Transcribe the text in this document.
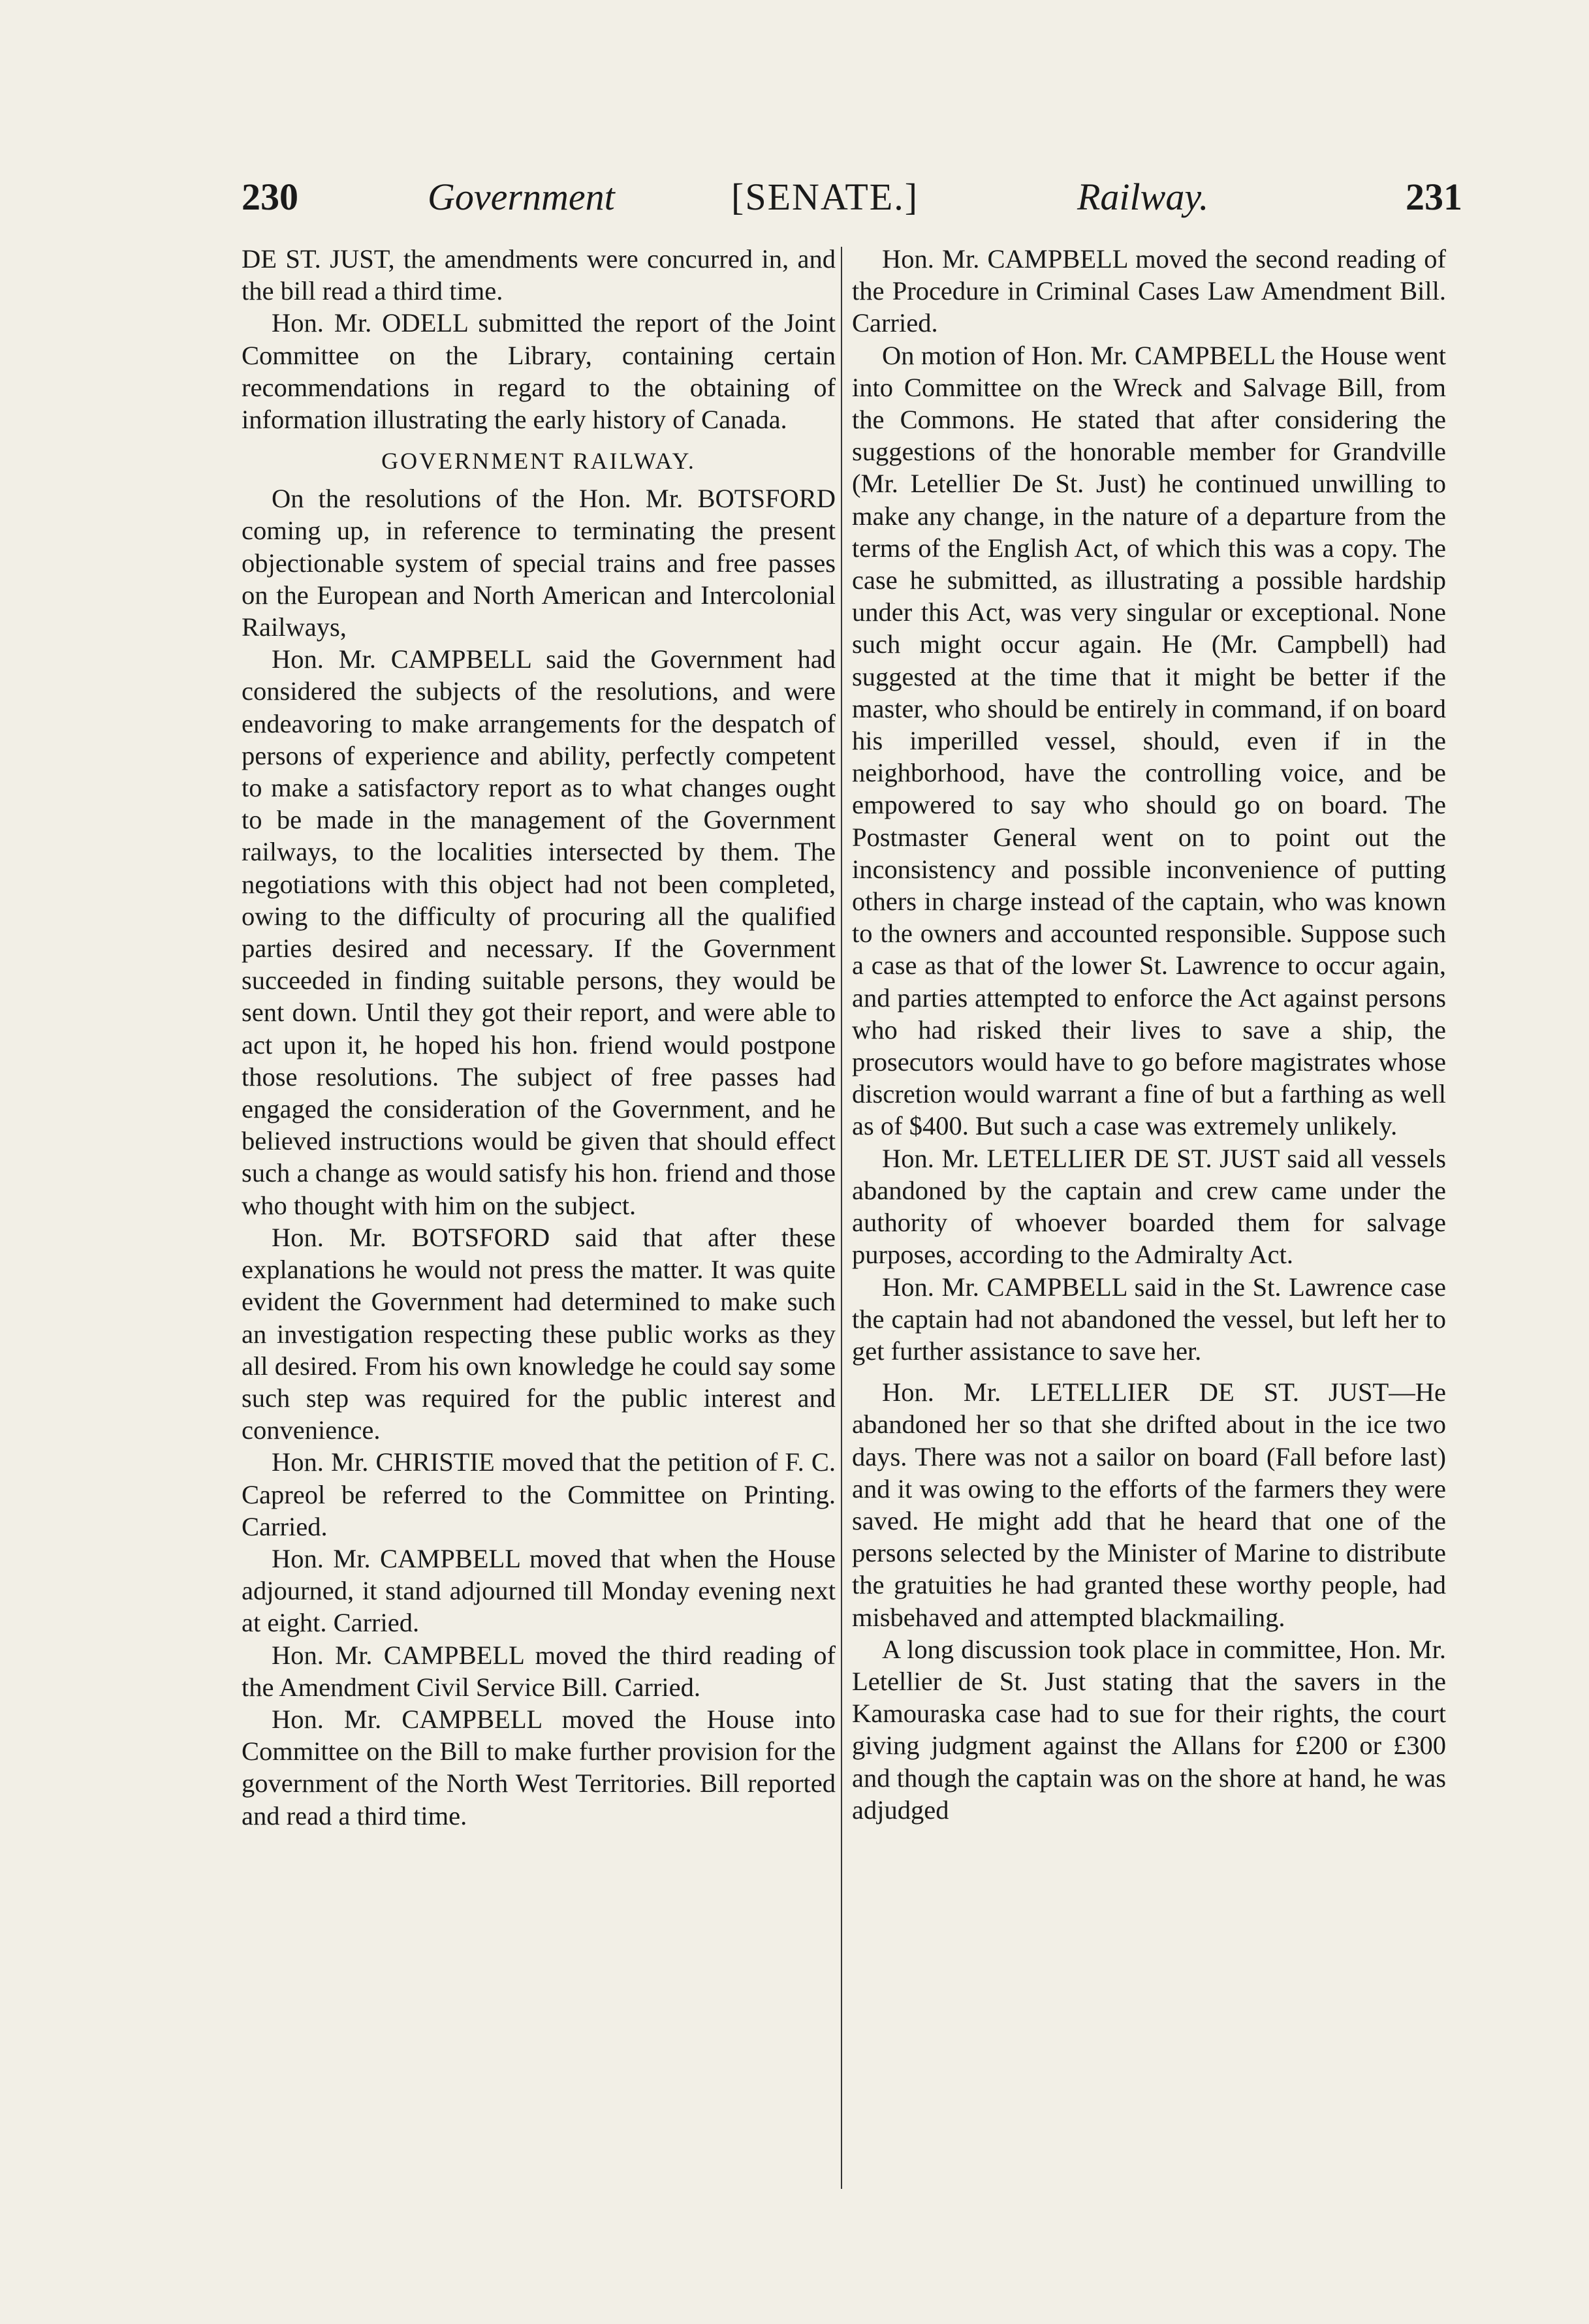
230	Government	[SENATE.]	Railway.	231

DE ST. JUST, the amendments were concurred in, and the bill read a third time.

Hon. Mr. ODELL submitted the report of the Joint Committee on the Library, containing certain recommendations in regard to the obtaining of information illustrating the early history of Canada.

GOVERNMENT RAILWAY.

On the resolutions of the Hon. Mr. BOTSFORD coming up, in reference to terminating the present objectionable system of special trains and free passes on the European and North American and Intercolonial Railways,

Hon. Mr. CAMPBELL said the Government had considered the subjects of the resolutions, and were endeavoring to make arrangements for the despatch of persons of experience and ability, perfectly competent to make a satisfactory report as to what changes ought to be made in the management of the Government railways, to the localities intersected by them. The negotiations with this object had not been completed, owing to the difficulty of procuring all the qualified parties desired and necessary. If the Government succeeded in finding suitable persons, they would be sent down. Until they got their report, and were able to act upon it, he hoped his hon. friend would postpone those resolutions. The subject of free passes had engaged the consideration of the Government, and he believed instructions would be given that should effect such a change as would satisfy his hon. friend and those who thought with him on the subject.

Hon. Mr. BOTSFORD said that after these explanations he would not press the matter. It was quite evident the Government had determined to make such an investigation respecting these public works as they all desired. From his own knowledge he could say some such step was required for the public interest and convenience.

Hon. Mr. CHRISTIE moved that the petition of F. C. Capreol be referred to the Committee on Printing. Carried.

Hon. Mr. CAMPBELL moved that when the House adjourned, it stand adjourned till Monday evening next at eight. Carried.

Hon. Mr. CAMPBELL moved the third reading of the Amendment Civil Service Bill. Carried.

Hon. Mr. CAMPBELL moved the House into Committee on the Bill to make further provision for the government of the North West Territories. Bill reported and read a third time.

Hon. Mr. CAMPBELL moved the second reading of the Procedure in Criminal Cases Law Amendment Bill. Carried.

On motion of Hon. Mr. CAMPBELL the House went into Committee on the Wreck and Salvage Bill, from the Commons. He stated that after considering the suggestions of the honorable member for Grandville (Mr. Letellier De St. Just) he continued unwilling to make any change, in the nature of a departure from the terms of the English Act, of which this was a copy. The case he submitted, as illustrating a possible hardship under this Act, was very singular or exceptional. None such might occur again. He (Mr. Campbell) had suggested at the time that it might be better if the master, who should be entirely in command, if on board his imperilled vessel, should, even if in the neighborhood, have the controlling voice, and be empowered to say who should go on board. The Postmaster General went on to point out the inconsistency and possible inconvenience of putting others in charge instead of the captain, who was known to the owners and accounted responsible. Suppose such a case as that of the lower St. Lawrence to occur again, and parties attempted to enforce the Act against persons who had risked their lives to save a ship, the prosecutors would have to go before magistrates whose discretion would warrant a fine of but a farthing as well as of $400. But such a case was extremely unlikely.

Hon. Mr. LETELLIER DE ST. JUST said all vessels abandoned by the captain and crew came under the authority of whoever boarded them for salvage purposes, according to the Admiralty Act.

Hon. Mr. CAMPBELL said in the St. Lawrence case the captain had not abandoned the vessel, but left her to get further assistance to save her.

Hon. Mr. LETELLIER DE ST. JUST—He abandoned her so that she drifted about in the ice two days. There was not a sailor on board (Fall before last) and it was owing to the efforts of the farmers they were saved. He might add that he heard that one of the persons selected by the Minister of Marine to distribute the gratuities he had granted these worthy people, had misbehaved and attempted blackmailing.

A long discussion took place in committee, Hon. Mr. Letellier de St. Just stating that the savers in the Kamouraska case had to sue for their rights, the court giving judgment against the Allans for £200 or £300 and though the captain was on the shore at hand, he was adjudged
